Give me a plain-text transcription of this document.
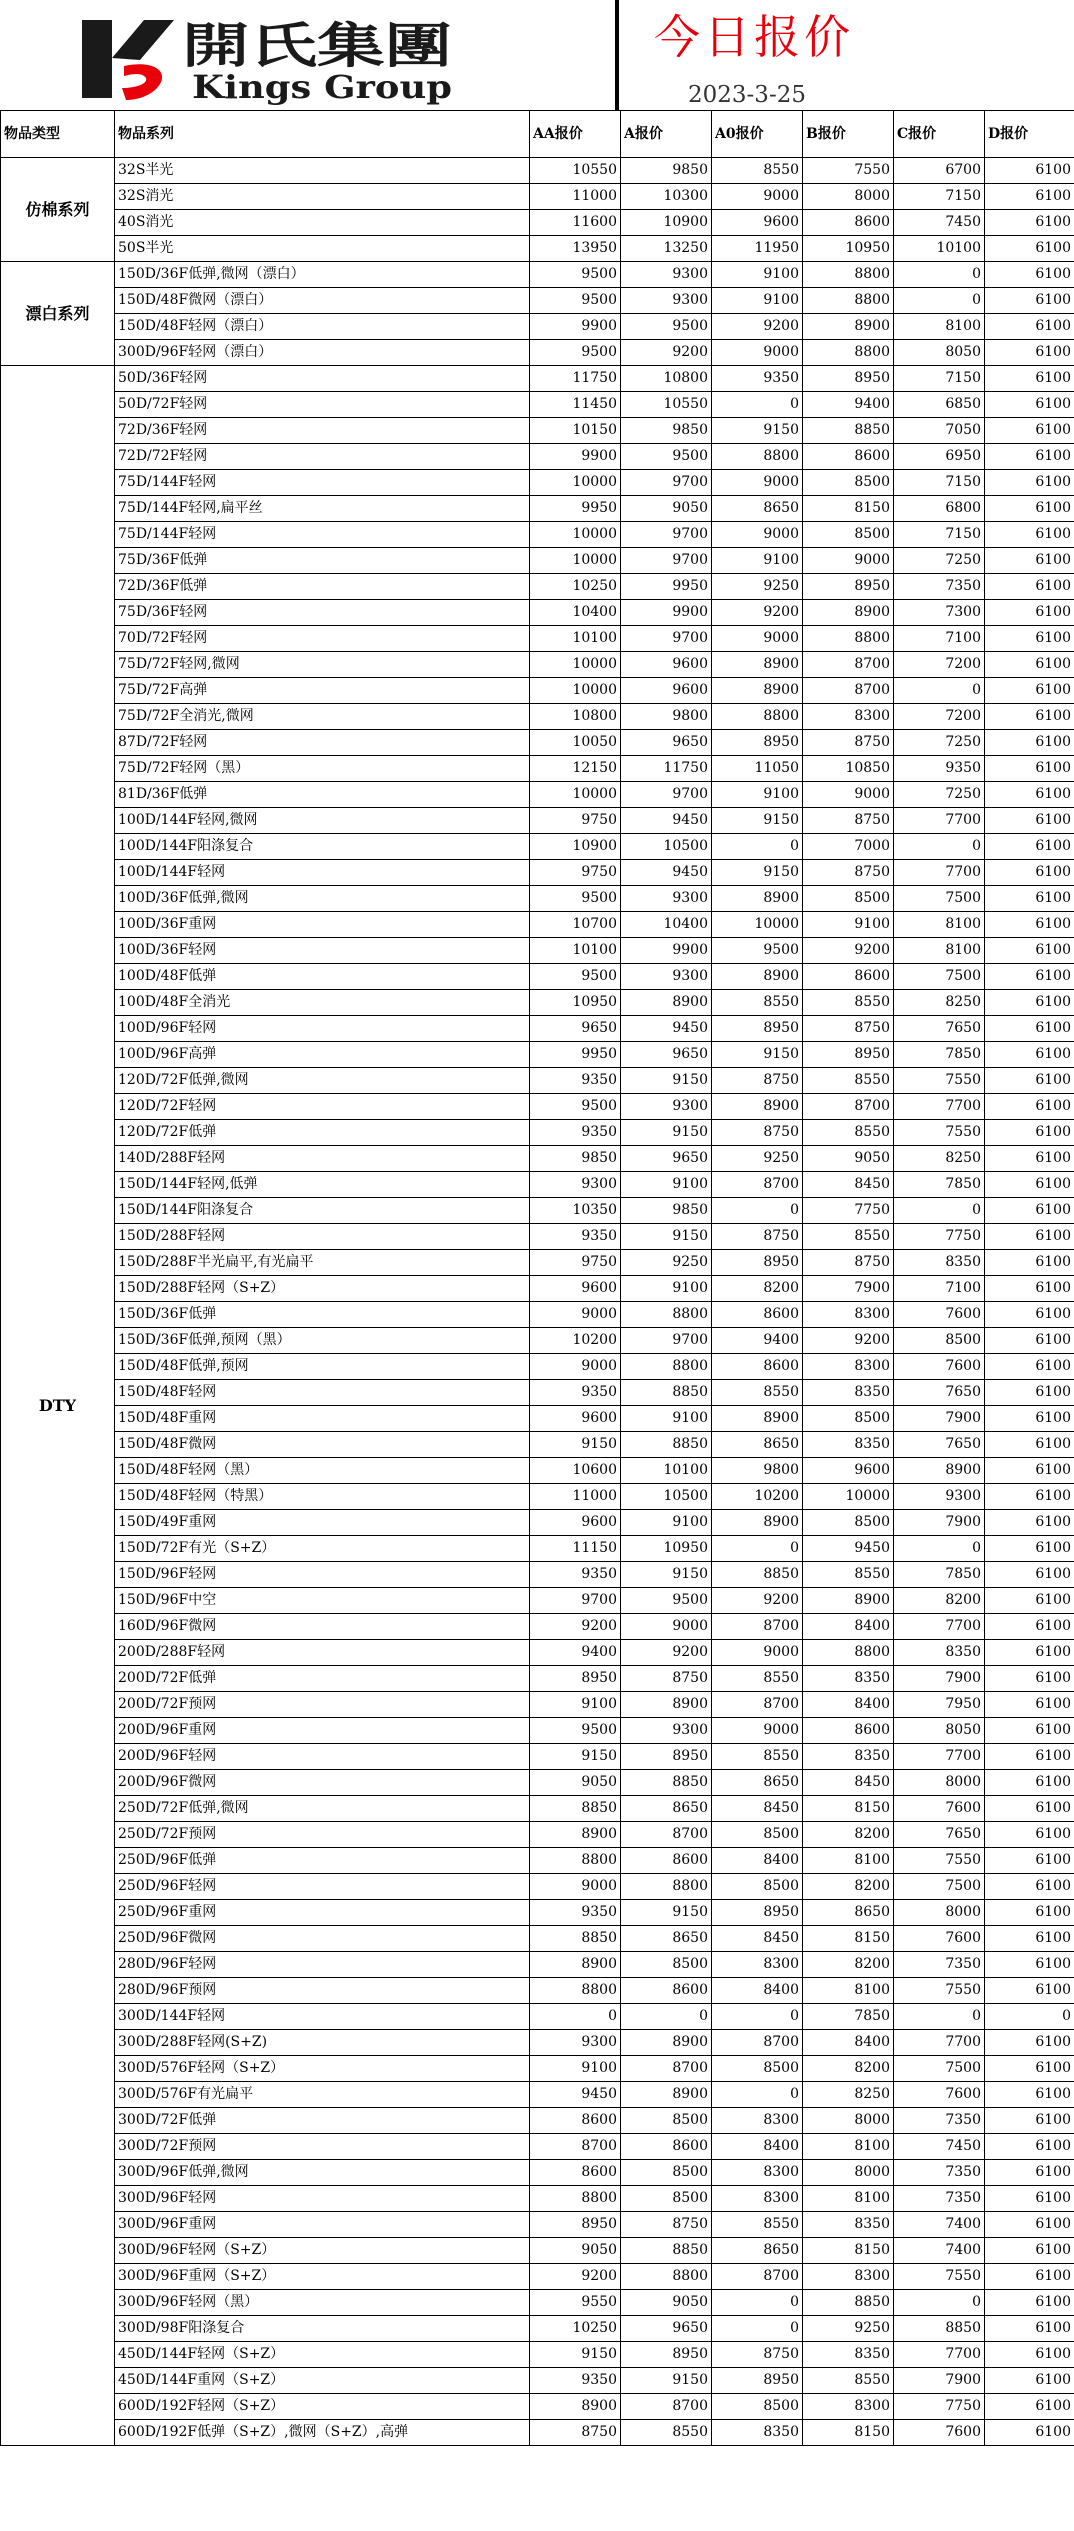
開氏集團
Kings Group
今日报价
2023-3-25
物品类型	物品系列	AA报价	A报价	A0报价	B报价	C报价	D报价
仿棉系列	32S半光	10550	9850	8550	7550	6700	6100
	32S消光	11000	10300	9000	8000	7150	6100
	40S消光	11600	10900	9600	8600	7450	6100
	50S半光	13950	13250	11950	10950	10100	6100
漂白系列	150D/36F低弹,微网（漂白）	9500	9300	9100	8800	0	6100
	150D/48F微网（漂白）	9500	9300	9100	8800	0	6100
	150D/48F轻网（漂白）	9900	9500	9200	8900	8100	6100
	300D/96F轻网（漂白）	9500	9200	9000	8800	8050	6100
DTY	50D/36F轻网	11750	10800	9350	8950	7150	6100
	50D/72F轻网	11450	10550	0	9400	6850	6100
	72D/36F轻网	10150	9850	9150	8850	7050	6100
	72D/72F轻网	9900	9500	8800	8600	6950	6100
	75D/144F轻网	10000	9700	9000	8500	7150	6100
	75D/144F轻网,扁平丝	9950	9050	8650	8150	6800	6100
	75D/144F轻网	10000	9700	9000	8500	7150	6100
	75D/36F低弹	10000	9700	9100	9000	7250	6100
	72D/36F低弹	10250	9950	9250	8950	7350	6100
	75D/36F轻网	10400	9900	9200	8900	7300	6100
	70D/72F轻网	10100	9700	9000	8800	7100	6100
	75D/72F轻网,微网	10000	9600	8900	8700	7200	6100
	75D/72F高弹	10000	9600	8900	8700	0	6100
	75D/72F全消光,微网	10800	9800	8800	8300	7200	6100
	87D/72F轻网	10050	9650	8950	8750	7250	6100
	75D/72F轻网（黑）	12150	11750	11050	10850	9350	6100
	81D/36F低弹	10000	9700	9100	9000	7250	6100
	100D/144F轻网,微网	9750	9450	9150	8750	7700	6100
	100D/144F阳涤复合	10900	10500	0	7000	0	6100
	100D/144F轻网	9750	9450	9150	8750	7700	6100
	100D/36F低弹,微网	9500	9300	8900	8500	7500	6100
	100D/36F重网	10700	10400	10000	9100	8100	6100
	100D/36F轻网	10100	9900	9500	9200	8100	6100
	100D/48F低弹	9500	9300	8900	8600	7500	6100
	100D/48F全消光	10950	8900	8550	8550	8250	6100
	100D/96F轻网	9650	9450	8950	8750	7650	6100
	100D/96F高弹	9950	9650	9150	8950	7850	6100
	120D/72F低弹,微网	9350	9150	8750	8550	7550	6100
	120D/72F轻网	9500	9300	8900	8700	7700	6100
	120D/72F低弹	9350	9150	8750	8550	7550	6100
	140D/288F轻网	9850	9650	9250	9050	8250	6100
	150D/144F轻网,低弹	9300	9100	8700	8450	7850	6100
	150D/144F阳涤复合	10350	9850	0	7750	0	6100
	150D/288F轻网	9350	9150	8750	8550	7750	6100
	150D/288F半光扁平,有光扁平	9750	9250	8950	8750	8350	6100
	150D/288F轻网（S+Z）	9600	9100	8200	7900	7100	6100
	150D/36F低弹	9000	8800	8600	8300	7600	6100
	150D/36F低弹,预网（黑）	10200	9700	9400	9200	8500	6100
	150D/48F低弹,预网	9000	8800	8600	8300	7600	6100
	150D/48F轻网	9350	8850	8550	8350	7650	6100
	150D/48F重网	9600	9100	8900	8500	7900	6100
	150D/48F微网	9150	8850	8650	8350	7650	6100
	150D/48F轻网（黑）	10600	10100	9800	9600	8900	6100
	150D/48F轻网（特黑）	11000	10500	10200	10000	9300	6100
	150D/49F重网	9600	9100	8900	8500	7900	6100
	150D/72F有光（S+Z）	11150	10950	0	9450	0	6100
	150D/96F轻网	9350	9150	8850	8550	7850	6100
	150D/96F中空	9700	9500	9200	8900	8200	6100
	160D/96F微网	9200	9000	8700	8400	7700	6100
	200D/288F轻网	9400	9200	9000	8800	8350	6100
	200D/72F低弹	8950	8750	8550	8350	7900	6100
	200D/72F预网	9100	8900	8700	8400	7950	6100
	200D/96F重网	9500	9300	9000	8600	8050	6100
	200D/96F轻网	9150	8950	8550	8350	7700	6100
	200D/96F微网	9050	8850	8650	8450	8000	6100
	250D/72F低弹,微网	8850	8650	8450	8150	7600	6100
	250D/72F预网	8900	8700	8500	8200	7650	6100
	250D/96F低弹	8800	8600	8400	8100	7550	6100
	250D/96F轻网	9000	8800	8500	8200	7500	6100
	250D/96F重网	9350	9150	8950	8650	8000	6100
	250D/96F微网	8850	8650	8450	8150	7600	6100
	280D/96F轻网	8900	8500	8300	8200	7350	6100
	280D/96F预网	8800	8600	8400	8100	7550	6100
	300D/144F轻网	0	0	0	7850	0	0
	300D/288F轻网(S+Z)	9300	8900	8700	8400	7700	6100
	300D/576F轻网（S+Z）	9100	8700	8500	8200	7500	6100
	300D/576F有光扁平	9450	8900	0	8250	7600	6100
	300D/72F低弹	8600	8500	8300	8000	7350	6100
	300D/72F预网	8700	8600	8400	8100	7450	6100
	300D/96F低弹,微网	8600	8500	8300	8000	7350	6100
	300D/96F轻网	8800	8500	8300	8100	7350	6100
	300D/96F重网	8950	8750	8550	8350	7400	6100
	300D/96F轻网（S+Z）	9050	8850	8650	8150	7400	6100
	300D/96F重网（S+Z）	9200	8800	8700	8300	7550	6100
	300D/96F轻网（黑）	9550	9050	0	8850	0	6100
	300D/98F阳涤复合	10250	9650	0	9250	8850	6100
	450D/144F轻网（S+Z）	9150	8950	8750	8350	7700	6100
	450D/144F重网（S+Z）	9350	9150	8950	8550	7900	6100
	600D/192F轻网（S+Z）	8900	8700	8500	8300	7750	6100
	600D/192F低弹（S+Z）,微网（S+Z）,高弹	8750	8550	8350	8150	7600	6100
